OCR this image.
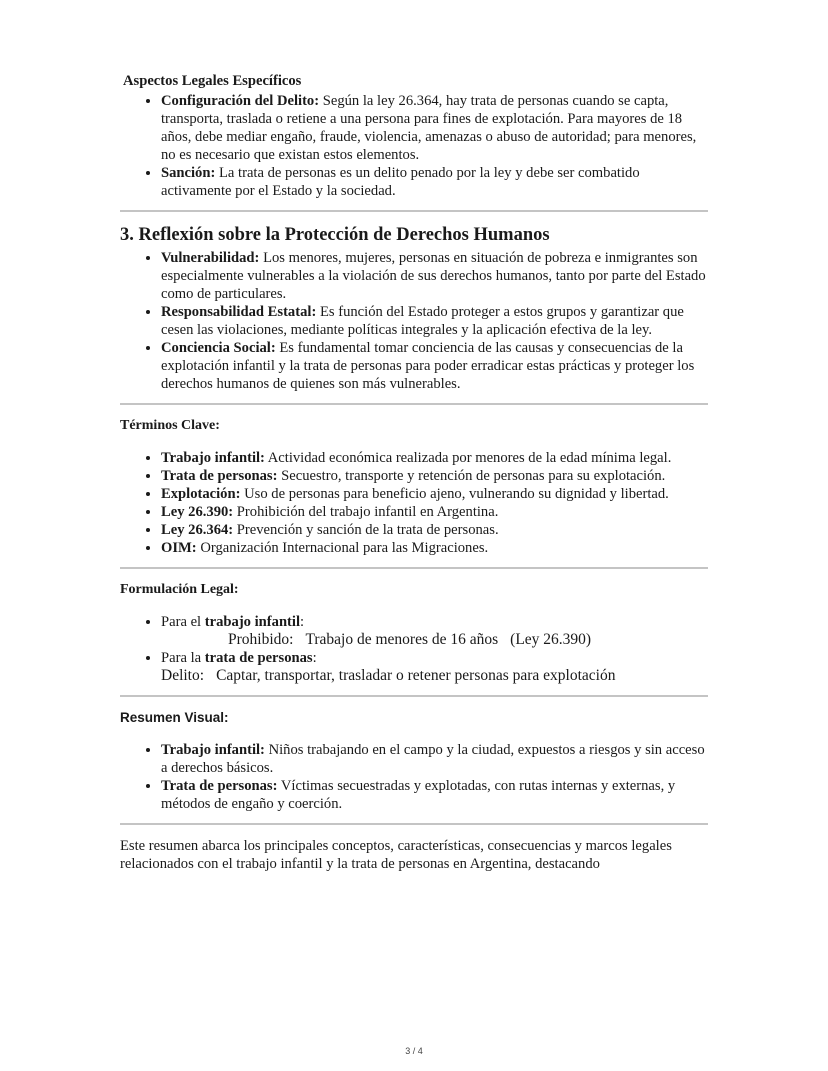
Aspectos Legales Específicos
• Configuración del Delito: Según la ley 26.364, hay trata de personas cuando se capta, transporta, traslada o retiene a una persona para fines de explotación. Para mayores de 18 años, debe mediar engaño, fraude, violencia, amenazas o abuso de autoridad; para menores, no es necesario que existan estos elementos.
• Sanción: La trata de personas es un delito penado por la ley y debe ser combatido activamente por el Estado y la sociedad.
3. Reflexión sobre la Protección de Derechos Humanos
• Vulnerabilidad: Los menores, mujeres, personas en situación de pobreza e inmigrantes son especialmente vulnerables a la violación de sus derechos humanos, tanto por parte del Estado como de particulares.
• Responsabilidad Estatal: Es función del Estado proteger a estos grupos y garantizar que cesen las violaciones, mediante políticas integrales y la aplicación efectiva de la ley.
• Conciencia Social: Es fundamental tomar conciencia de las causas y consecuencias de la explotación infantil y la trata de personas para poder erradicar estas prácticas y proteger los derechos humanos de quienes son más vulnerables.
Términos Clave:
• Trabajo infantil: Actividad económica realizada por menores de la edad mínima legal.
• Trata de personas: Secuestro, transporte y retención de personas para su explotación.
• Explotación: Uso de personas para beneficio ajeno, vulnerando su dignidad y libertad.
• Ley 26.390: Prohibición del trabajo infantil en Argentina.
• Ley 26.364: Prevención y sanción de la trata de personas.
• OIM: Organización Internacional para las Migraciones.
Formulación Legal:
• Para el trabajo infantil:
Prohibido: Trabajo de menores de 16 años (Ley 26.390)
• Para la trata de personas:
Delito: Captar, transportar, trasladar o retener personas para explotación
Resumen Visual:
• Trabajo infantil: Niños trabajando en el campo y la ciudad, expuestos a riesgos y sin acceso a derechos básicos.
• Trata de personas: Víctimas secuestradas y explotadas, con rutas internas y externas, y métodos de engaño y coerción.

Este resumen abarca los principales conceptos, características, consecuencias y marcos legales relacionados con el trabajo infantil y la trata de personas en Argentina, destacando

3 / 4
